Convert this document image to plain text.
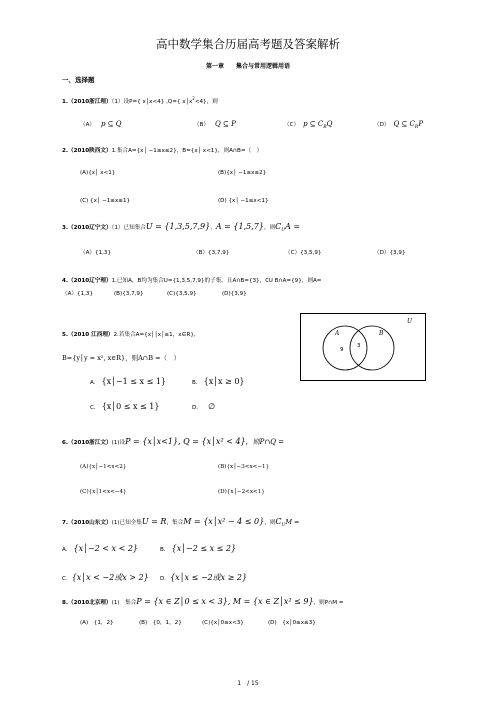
高中数学集合历届高考题及答案解析
第一章　　集合与常用逻辑用语
一、选择题
1.（2010浙江理）（1）设P={ x│x<4} ,Q={ $x│x^2<4$}，则
（A） p ⊆ Q	（B） Q ⊆ P	（C） p ⊆ $C_RQ$	（D） Q ⊆ $C_RP$
2.（2010陕西文）1.集合A={x│ −1≤x≤2}，B={x│ x<1}，则A∩B=（　）
(A){x│ x<1}	(B){x│ −1≤x≤2}
(C) {x│ −1≤x≤1}	(D) {x│ −1≤x<1}
3.（2010辽宁文）（1）已知集合U = {1,3,5,7,9}，A = {1,5,7}，则$C_UA$ =
（A）{1,3}	（B）{3,7,9}	（C）{3,5,9}	（D）{3,9}
4.（2010辽宁理）1.已知A，B均为集合U={1,3,5,7,9}的子集，且A∩B={3}，∁U B∩A={9}，则A=
（A）{1,3}	(B){3,7,9}	(C){3,5,9}	(D){3,9}
5.（2010 江西理）2.若集合A={x││x│≤1，x∈R}，
B={y│y = x², x∈R}，则A∩B =（　）
A. {x│−1 ≤ x ≤ 1}	B. {x│x ≥ 0}
C. {x│0 ≤ x ≤ 1}	D. ∅
U
A	B
9
3
6.（2010浙江文）(1)设P = {x│x<1}, Q = {x│x² < 4}，则P∩Q =
(A){x│−1<x<2}	(B){x│−3<x<−1}
(C){x│1<x<−4}	(D){x│−2<x<1}
7.（2010山东文）(1)已知全集U = R，集合M = {x│x² − 4 ≤ 0}，则$C_UM$ =
A. {x│−2 < x < 2}	B. {x│−2 ≤ x ≤ 2}
C. {x│x < −2或x > 2} D. {x│x ≤ −2或x ≥ 2}
8.（2010北京理）(1)　集合P = {x ∈ Z│0 ≤ x < 3}, M = {x ∈ Z│x² ≤ 9}，则P∩M =
(A)　{1，2}	(B)　{0，1，2}	(C){x│0≤x<3}	(D)　{x│0≤x≤3}
1　/ 15
